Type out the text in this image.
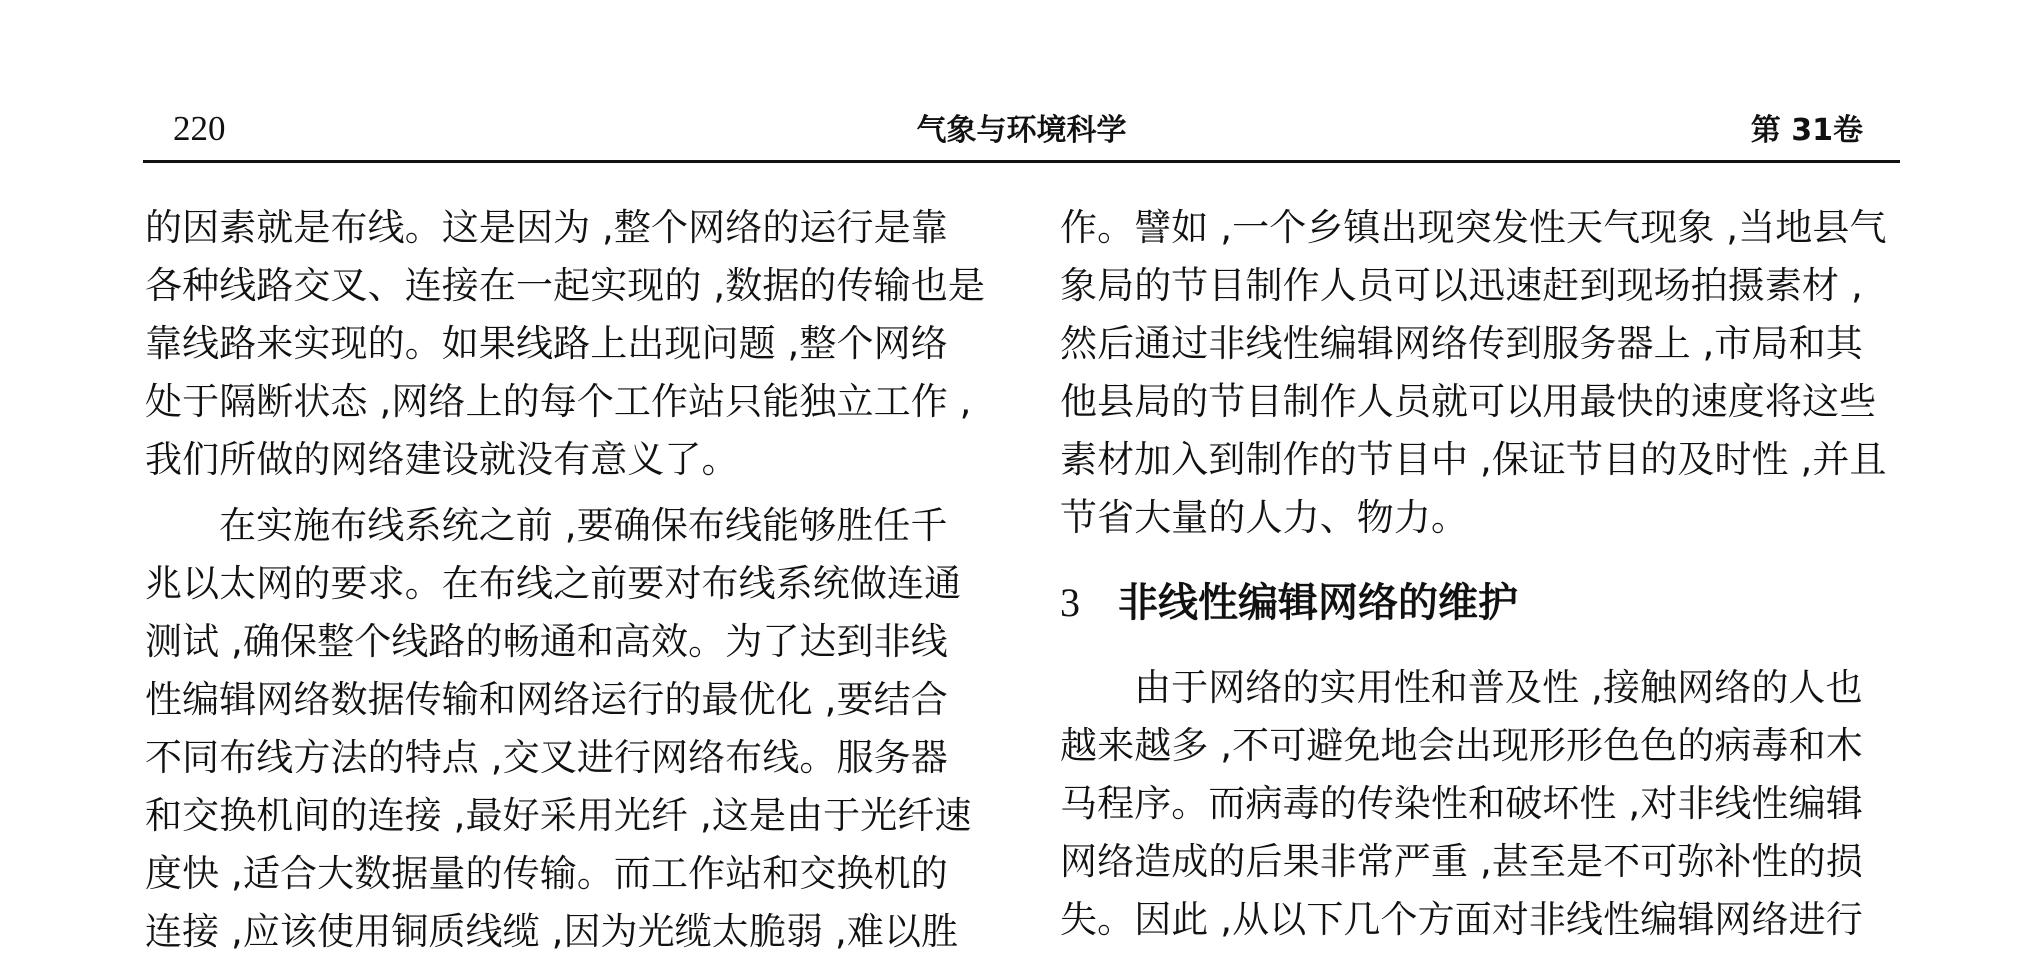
220	气象与环境科学	第 31卷
的因素就是布线。这是因为 ,整个网络的运行是靠
各种线路交叉、连接在一起实现的 ,数据的传输也是
靠线路来实现的。如果线路上出现问题 ,整个网络
处于隔断状态 ,网络上的每个工作站只能独立工作 ,
我们所做的网络建设就没有意义了。
在实施布线系统之前 ,要确保布线能够胜任千
兆以太网的要求。在布线之前要对布线系统做连通
测试 ,确保整个线路的畅通和高效。为了达到非线
性编辑网络数据传输和网络运行的最优化 ,要结合
不同布线方法的特点 ,交叉进行网络布线。服务器
和交换机间的连接 ,最好采用光纤 ,这是由于光纤速
度快 ,适合大数据量的传输。而工作站和交换机的
连接 ,应该使用铜质线缆 ,因为光缆太脆弱 ,难以胜
作。譬如 ,一个乡镇出现突发性天气现象 ,当地县气
象局的节目制作人员可以迅速赶到现场拍摄素材 ,
然后通过非线性编辑网络传到服务器上 ,市局和其
他县局的节目制作人员就可以用最快的速度将这些
素材加入到制作的节目中 ,保证节目的及时性 ,并且
节省大量的人力、物力。
3 非线性编辑网络的维护
由于网络的实用性和普及性 ,接触网络的人也
越来越多 ,不可避免地会出现形形色色的病毒和木
马程序。而病毒的传染性和破坏性 ,对非线性编辑
网络造成的后果非常严重 ,甚至是不可弥补性的损
失。因此 ,从以下几个方面对非线性编辑网络进行
